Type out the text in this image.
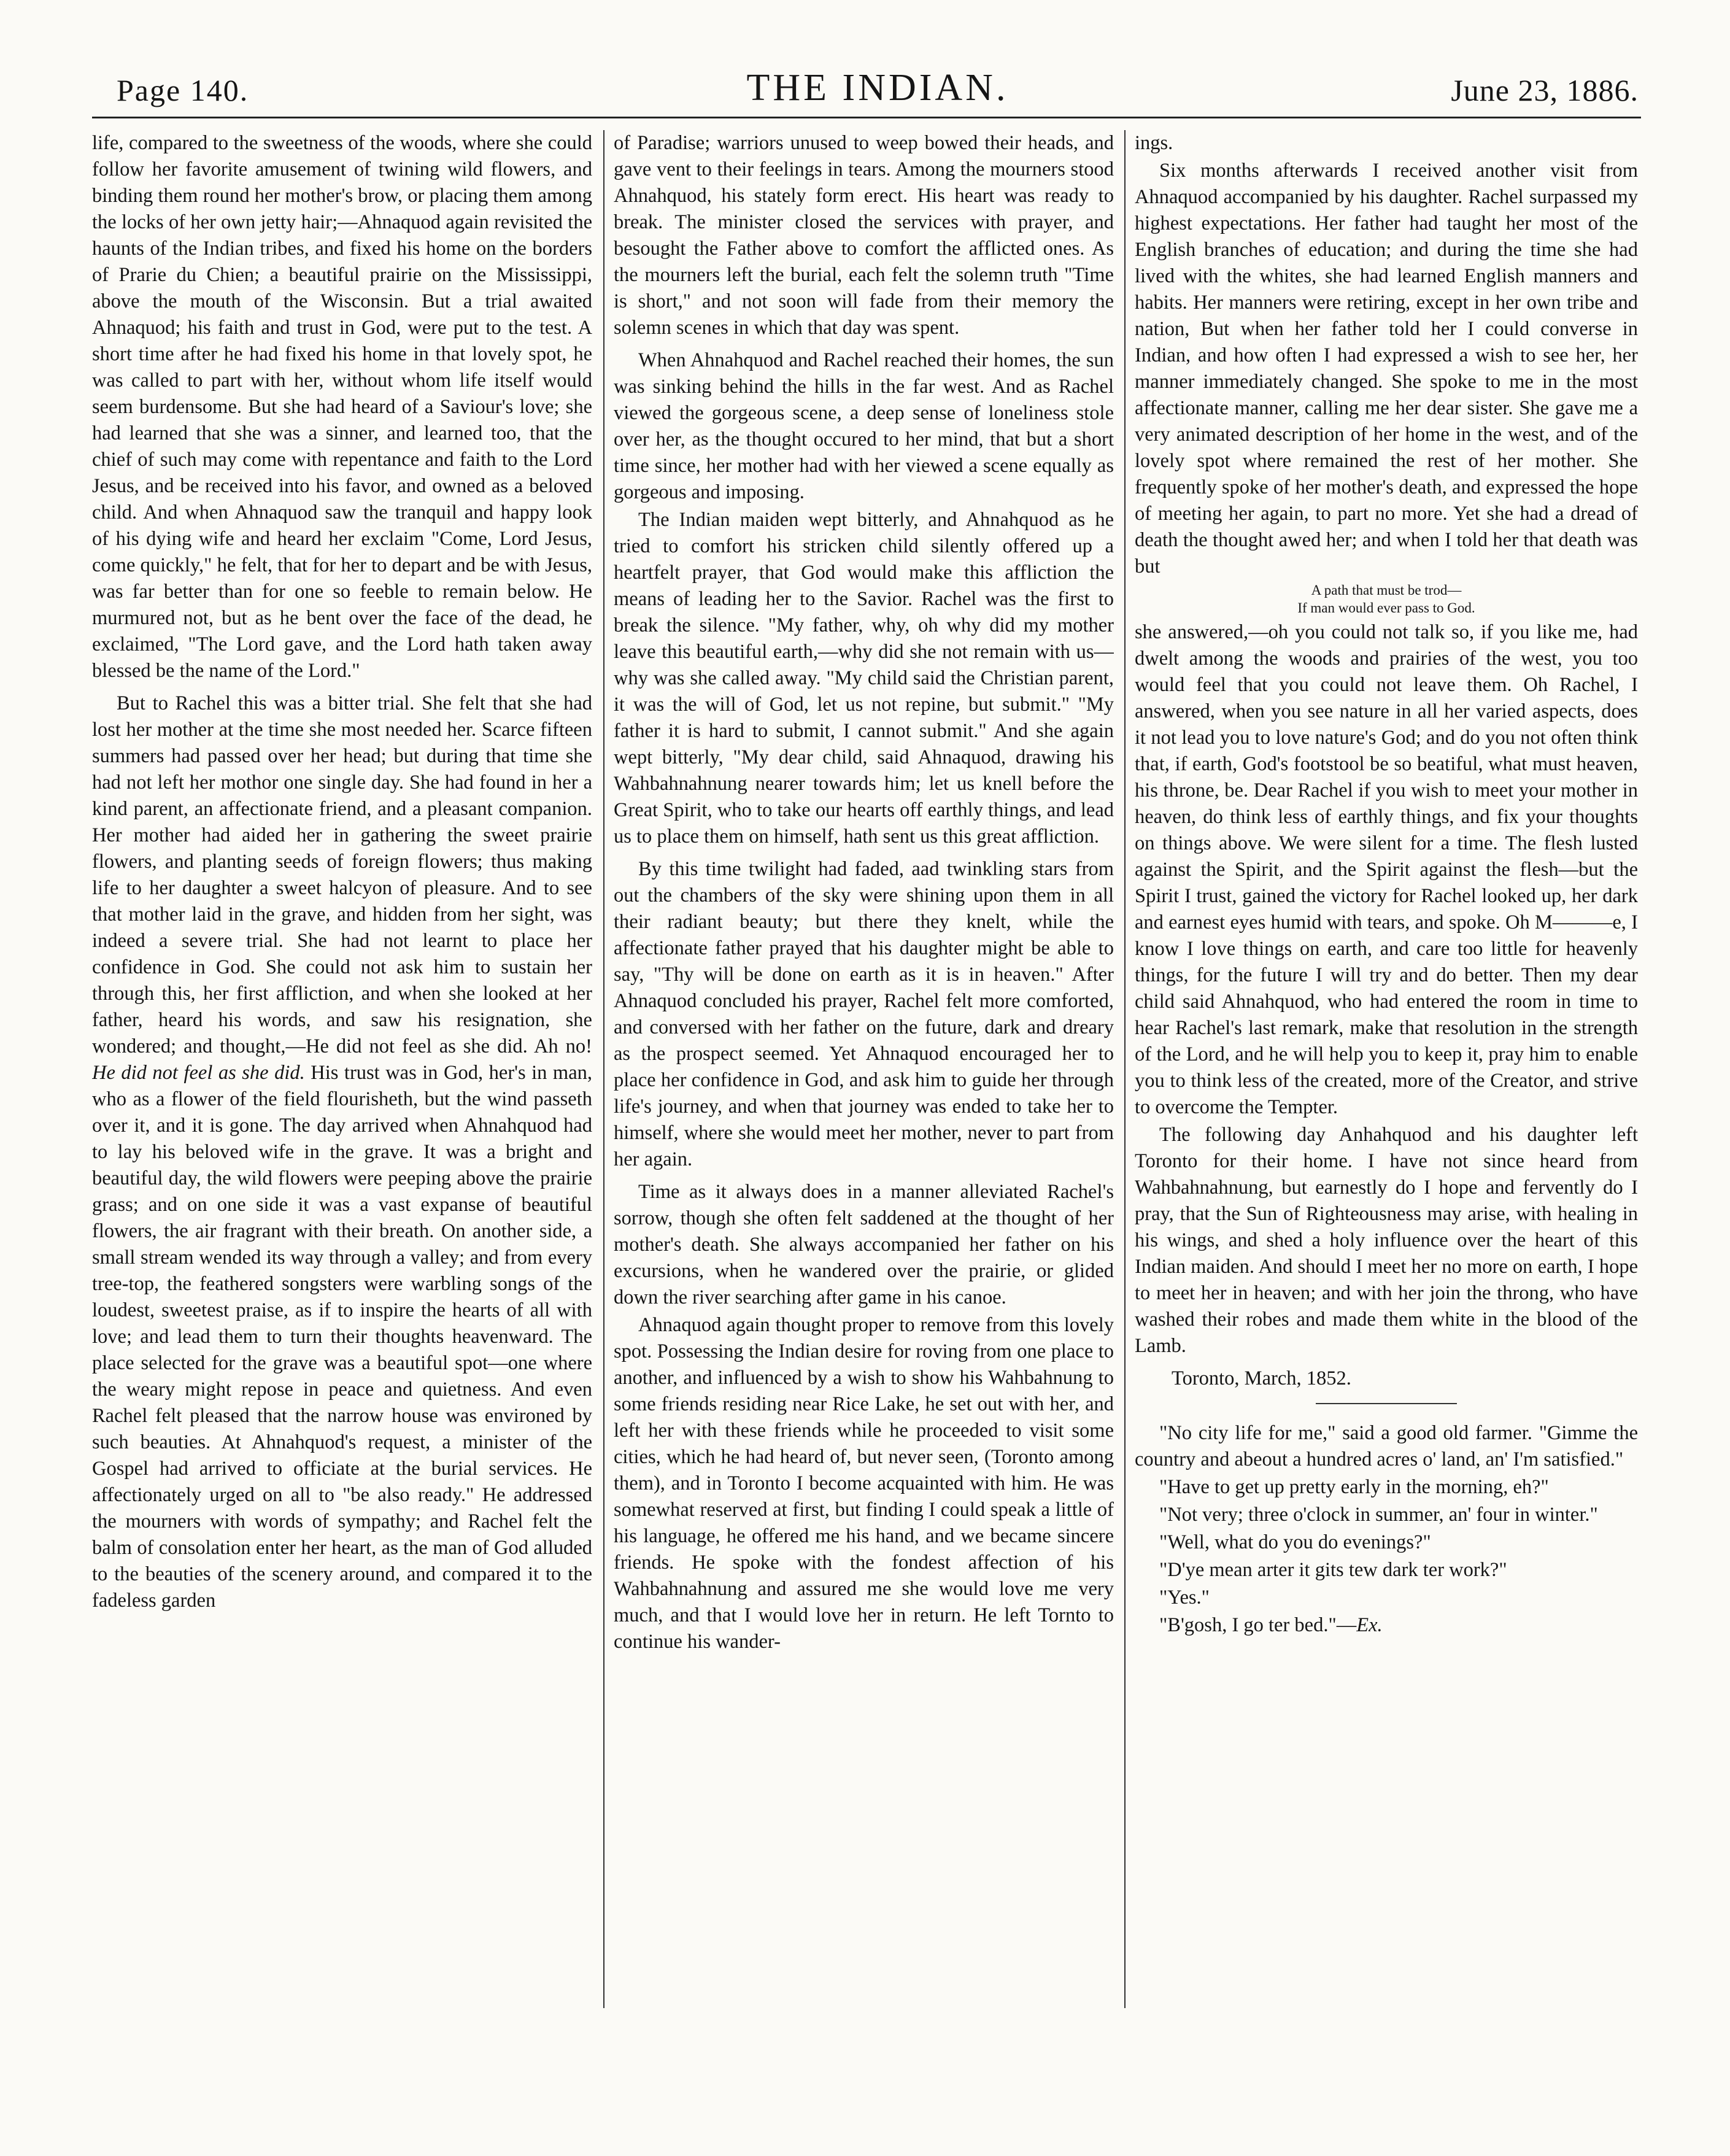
Page 140.	THE INDIAN.	June 23, 1886.

life, compared to the sweetness of the woods, where she could follow her favorite amusement of twining wild flowers, and binding them round her mother's brow, or placing them among the locks of her own jetty hair;—Ahnaquod again revisited the haunts of the Indian tribes, and fixed his home on the borders of Prarie du Chien; a beautiful prairie on the Mississippi, above the mouth of the Wisconsin. But a trial awaited Ahnaquod; his faith and trust in God, were put to the test. A short time after he had fixed his home in that lovely spot, he was called to part with her, without whom life itself would seem burdensome. But she had heard of a Saviour's love; she had learned that she was a sinner, and learned too, that the chief of such may come with repentance and faith to the Lord Jesus, and be received into his favor, and owned as a beloved child. And when Ahnaquod saw the tranquil and happy look of his dying wife and heard her exclaim "Come, Lord Jesus, come quickly," he felt, that for her to depart and be with Jesus, was far better than for one so feeble to remain below. He murmured not, but as he bent over the face of the dead, he exclaimed, "The Lord gave, and the Lord hath taken away blessed be the name of the Lord."

But to Rachel this was a bitter trial. She felt that she had lost her mother at the time she most needed her. Scarce fifteen summers had passed over her head; but during that time she had not left her mothor one single day. She had found in her a kind parent, an affectionate friend, and a pleasant companion. Her mother had aided her in gathering the sweet prairie flowers, and planting seeds of foreign flowers; thus making life to her daughter a sweet halcyon of pleasure. And to see that mother laid in the grave, and hidden from her sight, was indeed a severe trial. She had not learnt to place her confidence in God. She could not ask him to sustain her through this, her first affliction, and when she looked at her father, heard his words, and saw his resignation, she wondered; and thought,—He did not feel as she did. Ah no! He did not feel as she did. His trust was in God, her's in man, who as a flower of the field flourisheth, but the wind passeth over it, and it is gone. The day arrived when Ahnahquod had to lay his beloved wife in the grave. It was a bright and beautiful day, the wild flowers were peeping above the prairie grass; and on one side it was a vast expanse of beautiful flowers, the air fragrant with their breath. On another side, a small stream wended its way through a valley; and from every tree-top, the feathered songsters were warbling songs of the loudest, sweetest praise, as if to inspire the hearts of all with love; and lead them to turn their thoughts heavenward. The place selected for the grave was a beautiful spot—one where the weary might repose in peace and quietness. And even Rachel felt pleased that the narrow house was environed by such beauties. At Ahnahquod's request, a minister of the Gospel had arrived to officiate at the burial services. He affectionately urged on all to "be also ready." He addressed the mourners with words of sympathy; and Rachel felt the balm of consolation enter her heart, as the man of God alluded to the beauties of the scenery around, and compared it to the fadeless garden

of Paradise; warriors unused to weep bowed their heads, and gave vent to their feelings in tears. Among the mourners stood Ahnahquod, his stately form erect. His heart was ready to break. The minister closed the services with prayer, and besought the Father above to comfort the afflicted ones. As the mourners left the burial, each felt the solemn truth "Time is short," and not soon will fade from their memory the solemn scenes in which that day was spent.

When Ahnahquod and Rachel reached their homes, the sun was sinking behind the hills in the far west. And as Rachel viewed the gorgeous scene, a deep sense of loneliness stole over her, as the thought occured to her mind, that but a short time since, her mother had with her viewed a scene equally as gorgeous and imposing.

The Indian maiden wept bitterly, and Ahnahquod as he tried to comfort his stricken child silently offered up a heartfelt prayer, that God would make this affliction the means of leading her to the Savior. Rachel was the first to break the silence. "My father, why, oh why did my mother leave this beautiful earth,—why did she not remain with us—why was she called away. "My child said the Christian parent, it was the will of God, let us not repine, but submit." "My father it is hard to submit, I cannot submit." And she again wept bitterly, "My dear child, said Ahnaquod, drawing his Wahbahnahnung nearer towards him; let us knell before the Great Spirit, who to take our hearts off earthly things, and lead us to place them on himself, hath sent us this great affliction.

By this time twilight had faded, aad twinkling stars from out the chambers of the sky were shining upon them in all their radiant beauty; but there they knelt, while the affectionate father prayed that his daughter might be able to say, "Thy will be done on earth as it is in heaven." After Ahnaquod concluded his prayer, Rachel felt more comforted, and conversed with her father on the future, dark and dreary as the prospect seemed. Yet Ahnaquod encouraged her to place her confidence in God, and ask him to guide her through life's journey, and when that journey was ended to take her to himself, where she would meet her mother, never to part from her again.

Time as it always does in a manner alleviated Rachel's sorrow, though she often felt saddened at the thought of her mother's death. She always accompanied her father on his excursions, when he wandered over the prairie, or glided down the river searching after game in his canoe.

Ahnaquod again thought proper to remove from this lovely spot. Possessing the Indian desire for roving from one place to another, and influenced by a wish to show his Wahbahnung to some friends residing near Rice Lake, he set out with her, and left her with these friends while he proceeded to visit some cities, which he had heard of, but never seen, (Toronto among them), and in Toronto I become acquainted with him. He was somewhat reserved at first, but finding I could speak a little of his language, he offered me his hand, and we became sincere friends. He spoke with the fondest affection of his Wahbahnahnung and assured me she would love me very much, and that I would love her in return. He left Tornto to continue his wander-

ings.

Six months afterwards I received another visit from Ahnaquod accompanied by his daughter. Rachel surpassed my highest expectations. Her father had taught her most of the English branches of education; and during the time she had lived with the whites, she had learned English manners and habits. Her manners were retiring, except in her own tribe and nation, But when her father told her I could converse in Indian, and how often I had expressed a wish to see her, her manner immediately changed. She spoke to me in the most affectionate manner, calling me her dear sister. She gave me a very animated description of her home in the west, and of the lovely spot where remained the rest of her mother. She frequently spoke of her mother's death, and expressed the hope of meeting her again, to part no more. Yet she had a dread of death the thought awed her; and when I told her that death was but

A path that must be trod—
If man would ever pass to God.

she answered,—oh you could not talk so, if you like me, had dwelt among the woods and prairies of the west, you too would feel that you could not leave them. Oh Rachel, I answered, when you see nature in all her varied aspects, does it not lead you to love nature's God; and do you not often think that, if earth, God's footstool be so beatiful, what must heaven, his throne, be. Dear Rachel if you wish to meet your mother in heaven, do think less of earthly things, and fix your thoughts on things above. We were silent for a time. The flesh lusted against the Spirit, and the Spirit against the flesh—but the Spirit I trust, gained the victory for Rachel looked up, her dark and earnest eyes humid with tears, and spoke. Oh M———e, I know I love things on earth, and care too little for heavenly things, for the future I will try and do better. Then my dear child said Ahnahquod, who had entered the room in time to hear Rachel's last remark, make that resolution in the strength of the Lord, and he will help you to keep it, pray him to enable you to think less of the created, more of the Creator, and strive to overcome the Tempter.

The following day Anhahquod and his daughter left Toronto for their home. I have not since heard from Wahbahnahnung, but earnestly do I hope and fervently do I pray, that the Sun of Righteousness may arise, with healing in his wings, and shed a holy influence over the heart of this Indian maiden. And should I meet her no more on earth, I hope to meet her in heaven; and with her join the throng, who have washed their robes and made them white in the blood of the Lamb.

Toronto, March, 1852.

"No city life for me," said a good old farmer. "Gimme the country and abeout a hundred acres o' land, an' I'm satisfied."

"Have to get up pretty early in the morning, eh?"

"Not very; three o'clock in summer, an' four in winter."

"Well, what do you do evenings?"

"D'ye mean arter it gits tew dark ter work?"

"Yes."

"B'gosh, I go ter bed."—Ex.
